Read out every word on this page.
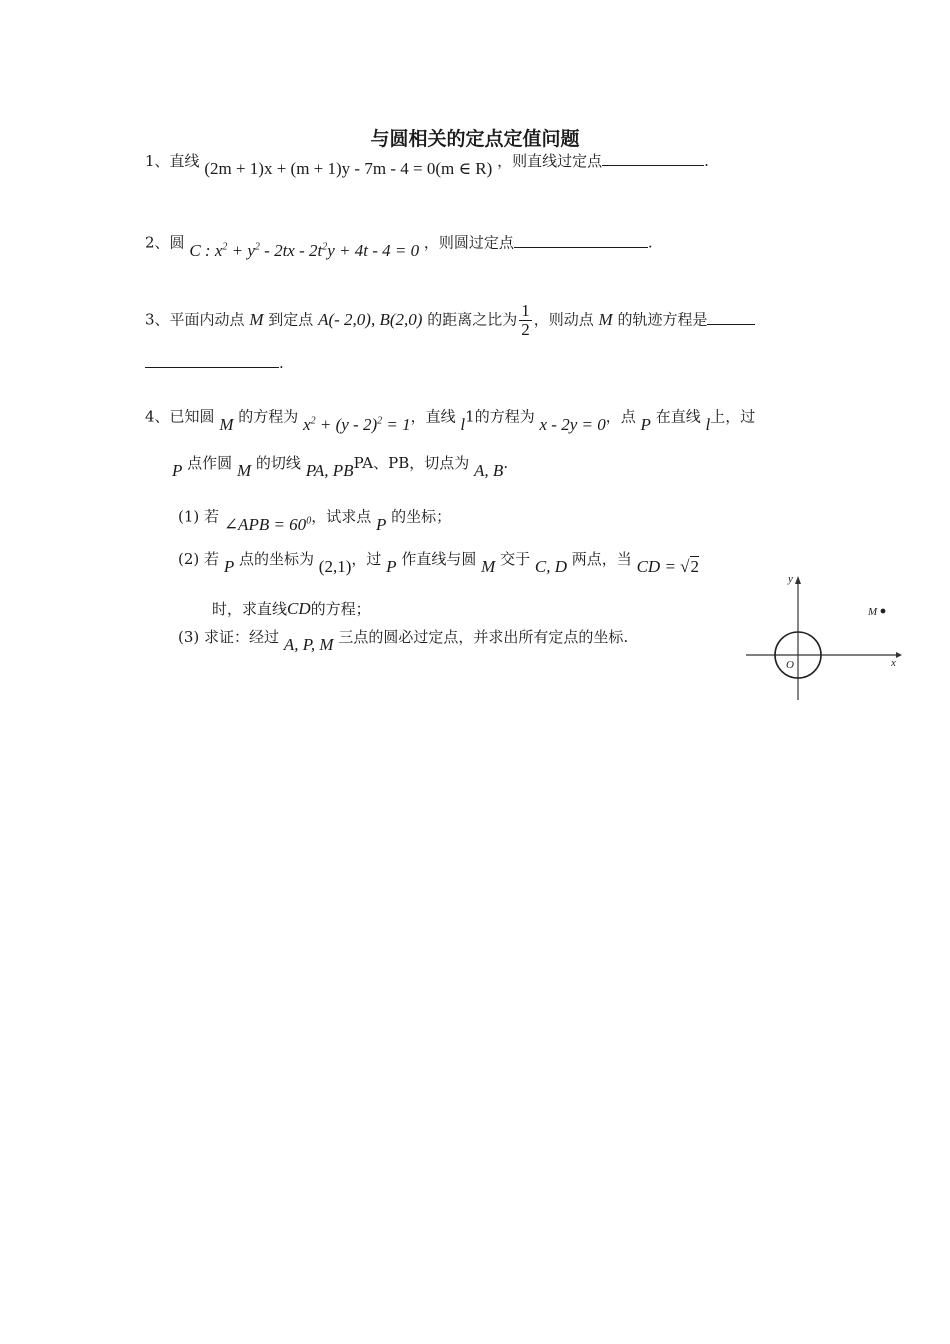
与圆相关的定点定值问题
1、直线 (2m + 1)x + (m + 1)y - 7m - 4 = 0(m ∈ R) ，则直线过定点	.
2、圆 C : $x^2 + y^2 - 2tx - 2t^2y + 4t - 4 = 0$ ，则圆过定点	.
3、平面内动点 M 到定点 A(- 2,0), B(2,0) 的距离之比为 $\frac{1}{2}$ ，则动点 M 的轨迹方程是
.
4、已知圆 M 的方程为 $x^2 + (y - 2)^2 = 1$，直线 l1的方程为 x - 2y = 0，点 P 在直线 l上，过
P 点作圆 M 的切线 PA, PBPA、PB，切点为 A, B.
(1) 若 ∠APB = $60^0$，试求点 P 的坐标；
(2) 若 P 点的坐标为 (2,1)，过 P 作直线与圆 M 交于 C, D 两点，当 CD = √2
时，求直线CD的方程；
(3) 求证：经过 A, P, M 三点的圆必过定点，并求出所有定点的坐标.
y
x
O
M
